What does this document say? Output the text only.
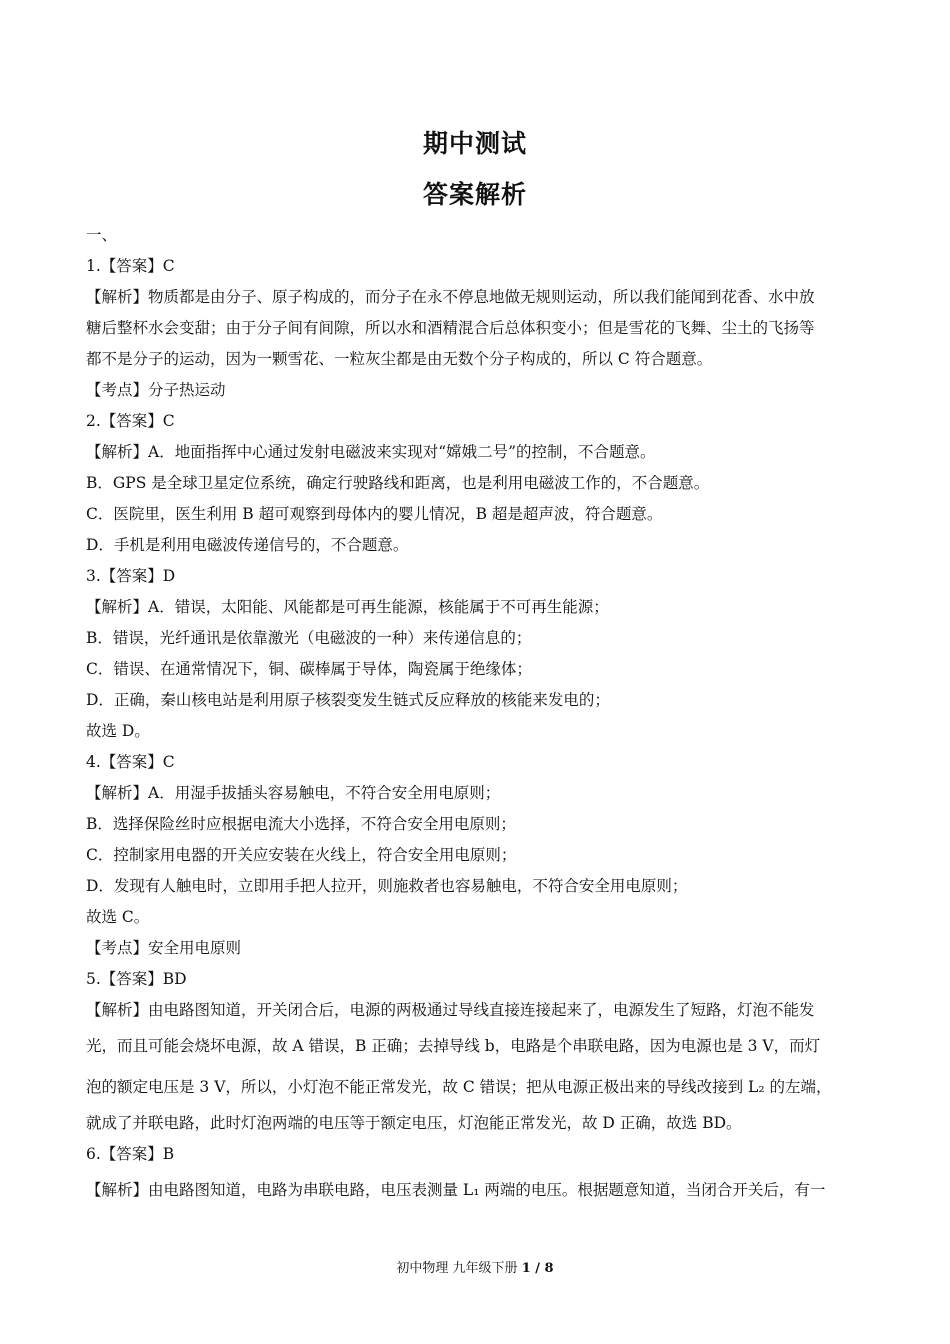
期中测试
答案解析
一、
1.【答案】C
【解析】物质都是由分子、原子构成的，而分子在永不停息地做无规则运动，所以我们能闻到花香、水中放
糖后整杯水会变甜；由于分子间有间隙，所以水和酒精混合后总体积变小；但是雪花的飞舞、尘土的飞扬等
都不是分子的运动，因为一颗雪花、一粒灰尘都是由无数个分子构成的，所以 C 符合题意。
【考点】分子热运动
2.【答案】C
【解析】A．地面指挥中心通过发射电磁波来实现对“嫦娥二号”的控制，不合题意。
B．GPS 是全球卫星定位系统，确定行驶路线和距离，也是利用电磁波工作的，不合题意。
C．医院里，医生利用 B 超可观察到母体内的婴儿情况，B 超是超声波，符合题意。
D．手机是利用电磁波传递信号的，不合题意。
3.【答案】D
【解析】A．错误，太阳能、风能都是可再生能源，核能属于不可再生能源；
B．错误，光纤通讯是依靠激光（电磁波的一种）来传递信息的；
C．错误、在通常情况下，铜、碳棒属于导体，陶瓷属于绝缘体；
D．正确，秦山核电站是利用原子核裂变发生链式反应释放的核能来发电的；
故选 D。
4.【答案】C
【解析】A．用湿手拔插头容易触电，不符合安全用电原则；
B．选择保险丝时应根据电流大小选择，不符合安全用电原则；
C．控制家用电器的开关应安装在火线上，符合安全用电原则；
D．发现有人触电时，立即用手把人拉开，则施救者也容易触电，不符合安全用电原则；
故选 C。
【考点】安全用电原则
5.【答案】BD
【解析】由电路图知道，开关闭合后，电源的两极通过导线直接连接起来了，电源发生了短路，灯泡不能发
光，而且可能会烧坏电源，故 A 错误，B 正确；去掉导线 b，电路是个串联电路，因为电源也是 3 V，而灯
泡的额定电压是 3 V，所以，小灯泡不能正常发光，故 C 错误；把从电源正极出来的导线改接到 L₂ 的左端，
就成了并联电路，此时灯泡两端的电压等于额定电压，灯泡能正常发光，故 D 正确，故选 BD。
6.【答案】B
【解析】由电路图知道，电路为串联电路，电压表测量 L₁ 两端的电压。根据题意知道，当闭合开关后，有一
初中物理 九年级下册 1 / 8
